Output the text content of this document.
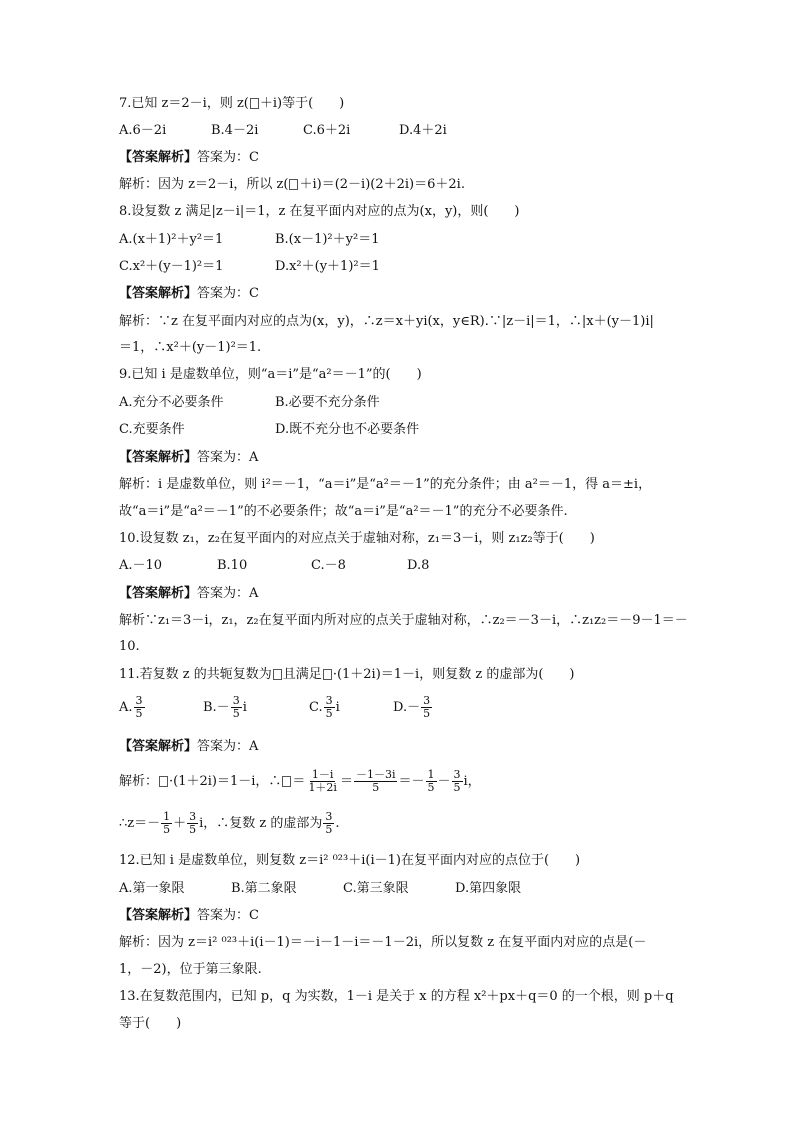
7.已知 z＝2－i，则 z( ＋i)等于(　　)
A.6－2i	B.4－2i	C.6＋2i	D.4＋2i
【答案解析】答案为：C
解析：因为 z＝2－i，所以 z( ＋i)＝(2－i)(2＋2i)＝6＋2i.
8.设复数 z 满足|z－i|＝1，z 在复平面内对应的点为(x，y)，则(　　)
A.(x＋1)²＋y²＝1	B.(x－1)²＋y²＝1
C.x²＋(y－1)²＝1	D.x²＋(y＋1)²＝1
【答案解析】答案为：C
解析：∵z 在复平面内对应的点为(x，y)，∴z＝x＋yi(x，y∈R).∵|z－i|＝1，∴|x＋(y－1)i|
＝1，∴x²＋(y－1)²＝1.
9.已知 i 是虚数单位，则“a＝i”是“a²＝－1”的(　　)
A.充分不必要条件	B.必要不充分条件
C.充要条件	D.既不充分也不必要条件
【答案解析】答案为：A
解析：i 是虚数单位，则 i²＝－1，“a＝i”是“a²＝－1”的充分条件；由 a²＝－1，得 a＝±i，
故“a＝i”是“a²＝－1”的不必要条件；故“a＝i”是“a²＝－1”的充分不必要条件.
10.设复数 z₁，z₂在复平面内的对应点关于虚轴对称，z₁＝3－i，则 z₁z₂等于(　　)
A.－10	B.10	C.－8	D.8
【答案解析】答案为：A
解析∵z₁＝3－i，z₁，z₂在复平面内所对应的点关于虚轴对称，∴z₂＝－3－i，∴z₁z₂＝－9－1＝－
10.
11.若复数 z 的共轭复数为 且满足 ·(1＋2i)＝1－i，则复数 z 的虚部为(　　)
A. $\frac{3}{5}$	$B.- \frac{3}{5}$ i	C. $\frac{3}{5}$ i	$D.- \frac{3}{5}$
【答案解析】答案为：A
解析： ·(1＋2i)＝1－i，∴ ＝ $\frac{1-i}{1+2i} = \frac{-1-3i}{5} =- \frac{1}{5} - \frac{3}{5}$ i，
∴z＝－ $\frac{1}{5} + \frac{3}{5}$ i，∴复数 z 的虚部为 $\frac{3}{5}$ .
12.已知 i 是虚数单位，则复数 z＝i² ⁰²³＋i(i－1)在复平面内对应的点位于(　　)
A.第一象限	B.第二象限	C.第三象限	D.第四象限
【答案解析】答案为：C
解析：因为 z＝i² ⁰²³＋i(i－1)＝－i－1－i＝－1－2i，所以复数 z 在复平面内对应的点是(－
1，－2)，位于第三象限.
13.在复数范围内，已知 p，q 为实数，1－i 是关于 x 的方程 x²＋px＋q＝0 的一个根，则 p＋q
等于(　　)
